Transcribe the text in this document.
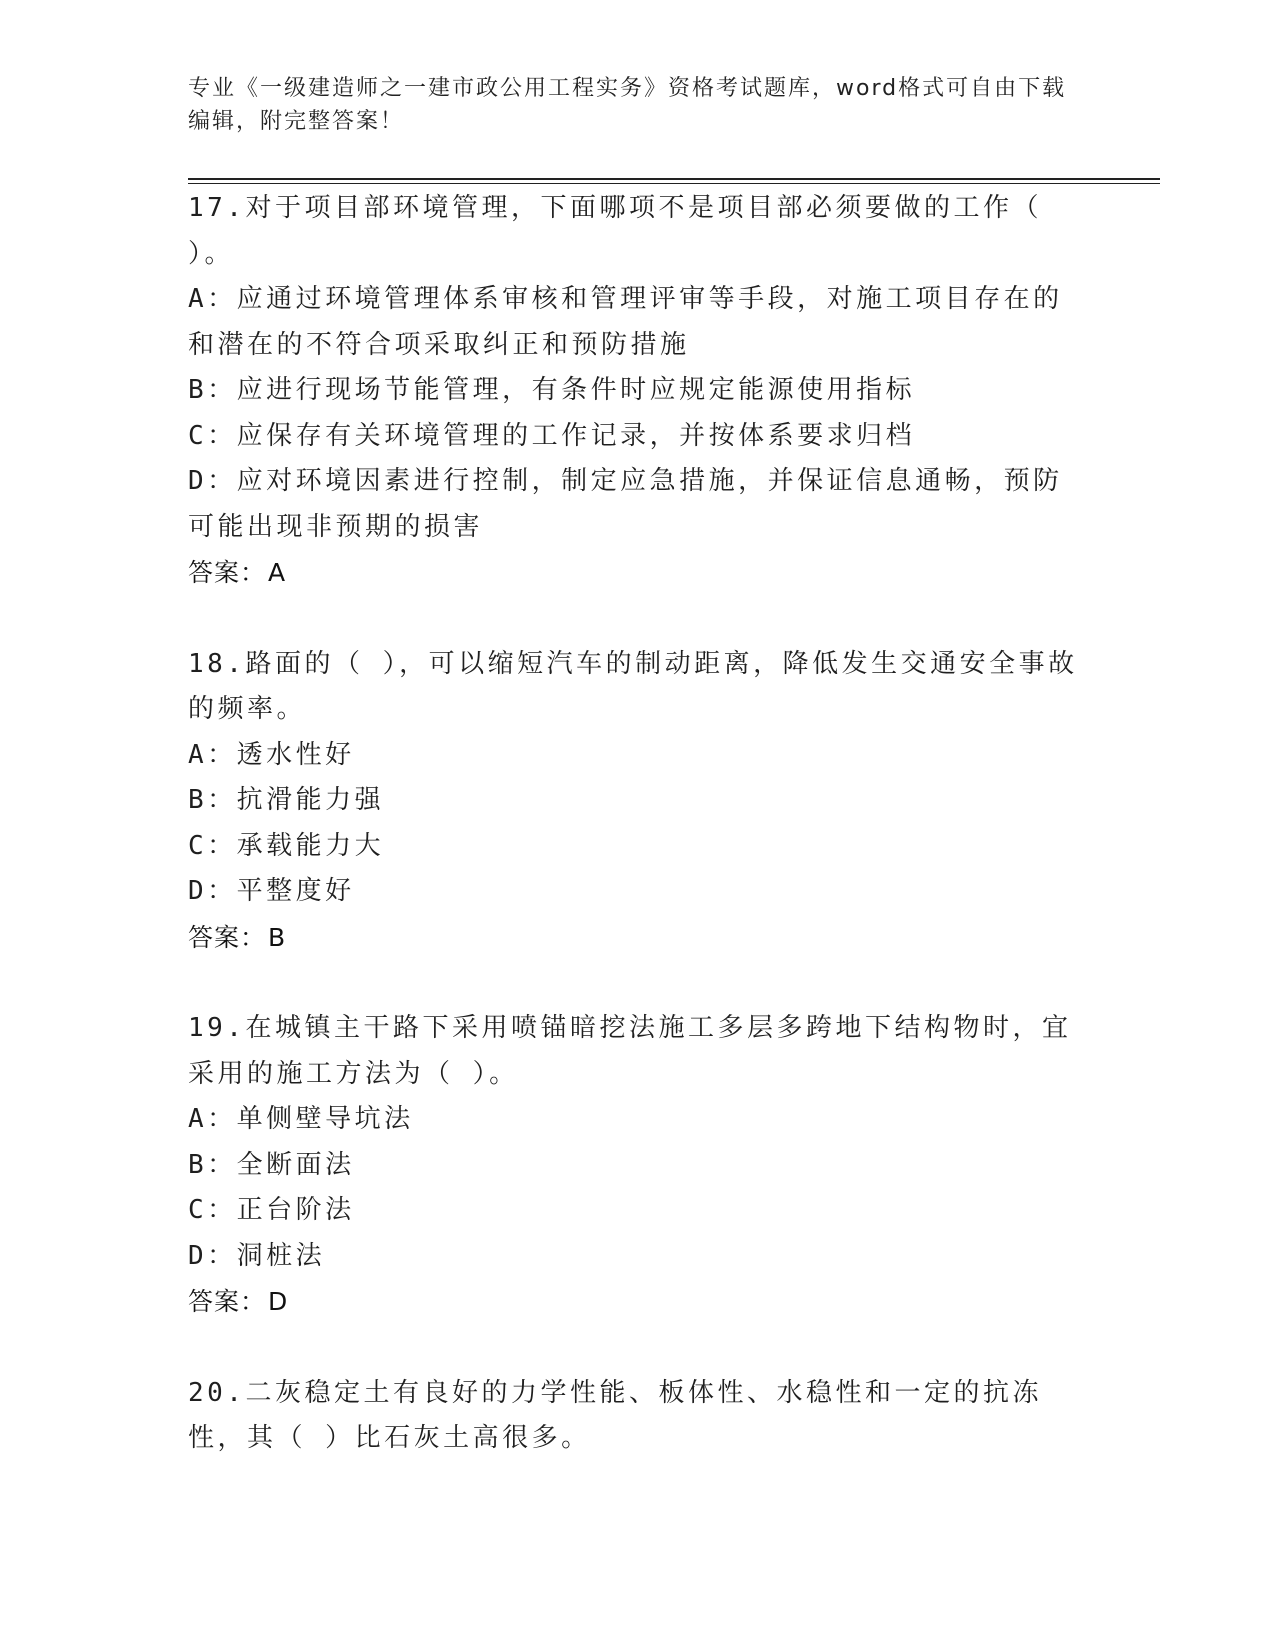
专业《一级建造师之一建市政公用工程实务》资格考试题库，word格式可自由下载编辑，附完整答案！

17.对于项目部环境管理，下面哪项不是项目部必须要做的工作（ ）。

A：应通过环境管理体系审核和管理评审等手段，对施工项目存在的和潜在的不符合项采取纠正和预防措施

B：应进行现场节能管理，有条件时应规定能源使用指标

C：应保存有关环境管理的工作记录，并按体系要求归档

D：应对环境因素进行控制，制定应急措施，并保证信息通畅，预防可能出现非预期的损害

答案：A

18.路面的（ ），可以缩短汽车的制动距离，降低发生交通安全事故的频率。

A：透水性好

B：抗滑能力强

C：承载能力大

D：平整度好

答案：B

19.在城镇主干路下采用喷锚暗挖法施工多层多跨地下结构物时，宜采用的施工方法为（ ）。

A：单侧壁导坑法

B：全断面法

C：正台阶法

D：洞桩法

答案：D

20.二灰稳定土有良好的力学性能、板体性、水稳性和一定的抗冻性，其（ ）比石灰土高很多。
